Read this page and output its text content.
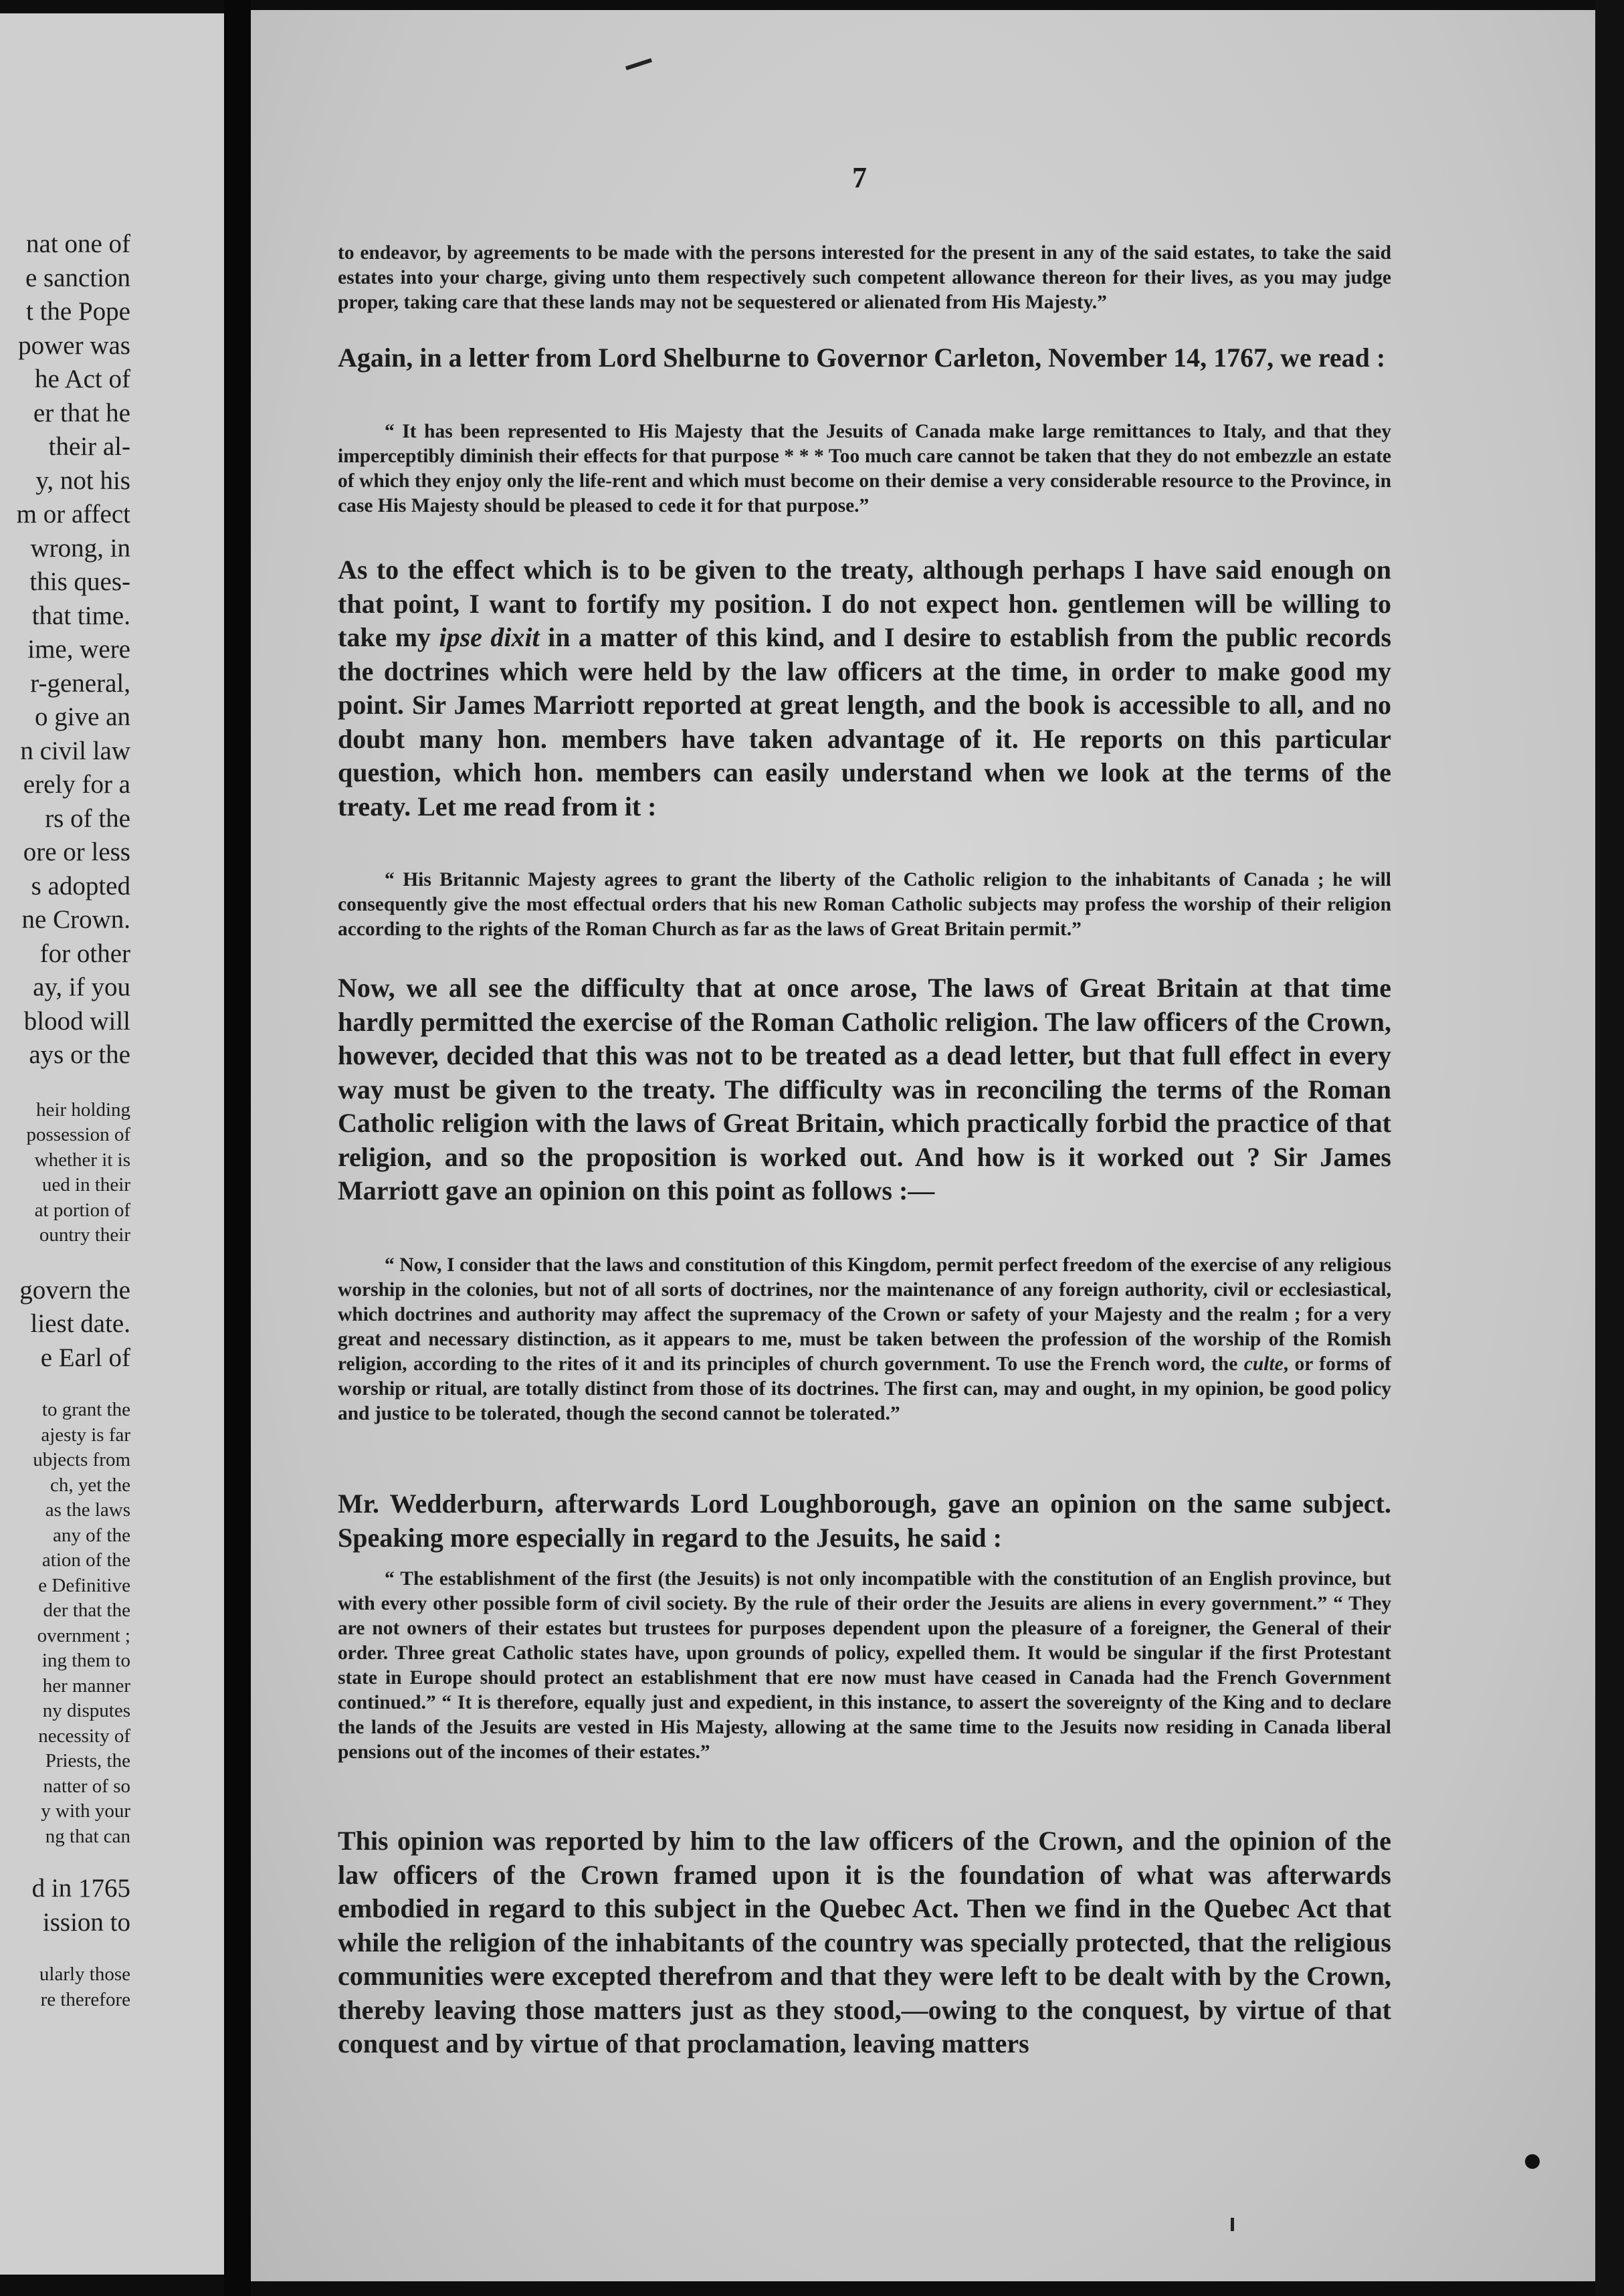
nat one of
e sanction
t the Pope
power was
he Act of
er that he
their al-
y, not his
m or affect
wrong, in
this ques-
that time.
ime, were
r-general,
o give an
n civil law
erely for a
rs of the
ore or less
s adopted
ne Crown.
for other
ay, if you
blood will
ays or the
heir holding
possession of
whether it is
ued in their
at portion of
ountry their
govern the
liest date.
e Earl of
to grant the
ajesty is far
ubjects from
ch, yet the
as the laws
any of the
ation of the
e Definitive
der that the
overnment ;
ing them to
her manner
ny disputes
necessity of
Priests, the
natter of so
y with your
ng that can
d in 1765
ission to
ularly those
re therefore
7

to endeavor, by agreements to be made with the persons interested for the present in any of the said estates, to take the said estates into your charge, giving unto them respectively such competent allowance thereon for their lives, as you may judge proper, taking care that these lands may not be sequestered or alienated from His Majesty.”

Again, in a letter from Lord Shelburne to Governor Carleton, November 14, 1767, we read :

“ It has been represented to His Majesty that the Jesuits of Canada make large remittances to Italy, and that they imperceptibly diminish their effects for that purpose * * * Too much care cannot be taken that they do not embezzle an estate of which they enjoy only the life-rent and which must become on their demise a very considerable resource to the Province, in case His Majesty should be pleased to cede it for that purpose.”

As to the effect which is to be given to the treaty, although perhaps I have said enough on that point, I want to fortify my position. I do not expect hon. gentlemen will be willing to take my ipse dixit in a matter of this kind, and I desire to establish from the public records the doctrines which were held by the law officers at the time, in order to make good my point. Sir James Marriott reported at great length, and the book is accessible to all, and no doubt many hon. members have taken advantage of it. He reports on this particular question, which hon. members can easily understand when we look at the terms of the treaty. Let me read from it :

“ His Britannic Majesty agrees to grant the liberty of the Catholic religion to the inhabitants of Canada ; he will consequently give the most effectual orders that his new Roman Catholic subjects may profess the worship of their religion according to the rights of the Roman Church as far as the laws of Great Britain permit.”

Now, we all see the difficulty that at once arose, The laws of Great Britain at that time hardly permitted the exercise of the Roman Catholic religion. The law officers of the Crown, however, decided that this was not to be treated as a dead letter, but that full effect in every way must be given to the treaty. The difficulty was in reconciling the terms of the Roman Catholic religion with the laws of Great Britain, which practically forbid the practice of that religion, and so the proposition is worked out. And how is it worked out ? Sir James Marriott gave an opinion on this point as follows :—

“ Now, I consider that the laws and constitution of this Kingdom, permit perfect freedom of the exercise of any religious worship in the colonies, but not of all sorts of doctrines, nor the maintenance of any foreign authority, civil or ecclesiastical, which doctrines and authority may affect the supremacy of the Crown or safety of your Majesty and the realm ; for a very great and necessary distinction, as it appears to me, must be taken between the profession of the worship of the Romish religion, according to the rites of it and its principles of church government. To use the French word, the culte, or forms of worship or ritual, are totally distinct from those of its doctrines. The first can, may and ought, in my opinion, be good policy and justice to be tolerated, though the second cannot be tolerated.”

Mr. Wedderburn, afterwards Lord Loughborough, gave an opinion on the same subject. Speaking more especially in regard to the Jesuits, he said :

“ The establishment of the first (the Jesuits) is not only incompatible with the constitution of an English province, but with every other possible form of civil society. By the rule of their order the Jesuits are aliens in every government.” “ They are not owners of their estates but trustees for purposes dependent upon the pleasure of a foreigner, the General of their order. Three great Catholic states have, upon grounds of policy, expelled them. It would be singular if the first Protestant state in Europe should protect an establishment that ere now must have ceased in Canada had the French Government continued.” “ It is therefore, equally just and expedient, in this instance, to assert the sovereignty of the King and to declare the lands of the Jesuits are vested in His Majesty, allowing at the same time to the Jesuits now residing in Canada liberal pensions out of the incomes of their estates.”

This opinion was reported by him to the law officers of the Crown, and the opinion of the law officers of the Crown framed upon it is the foundation of what was afterwards embodied in regard to this subject in the Quebec Act. Then we find in the Quebec Act that while the religion of the inhabitants of the country was specially protected, that the religious communities were excepted therefrom and that they were left to be dealt with by the Crown, thereby leaving those matters just as they stood,—owing to the conquest, by virtue of that conquest and by virtue of that proclamation, leaving matters
